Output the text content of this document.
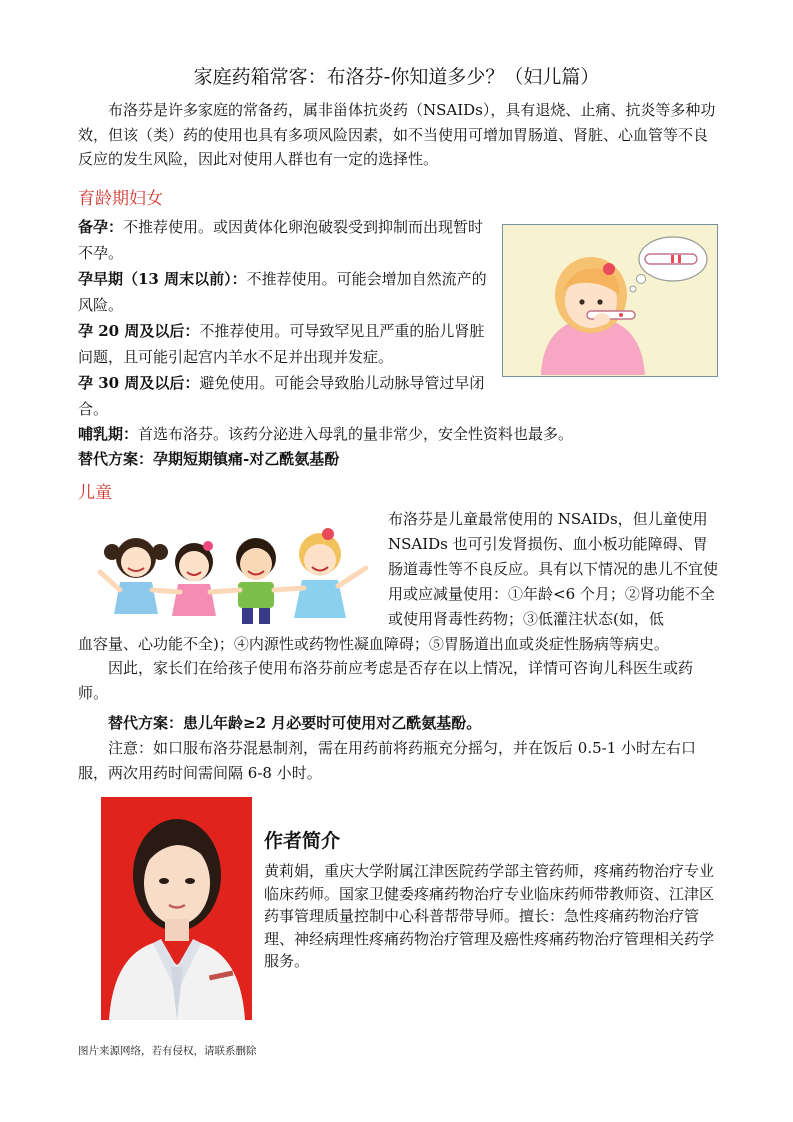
家庭药箱常客：布洛芬-你知道多少？（妇儿篇）

布洛芬是许多家庭的常备药，属非甾体抗炎药（NSAIDs），具有退烧、止痛、抗炎等多种功效，但该（类）药的使用也具有多项风险因素，如不当使用可增加胃肠道、肾脏、心血管等不良反应的发生风险，因此对使用人群也有一定的选择性。

育龄期妇女

备孕：不推荐使用。或因黄体化卵泡破裂受到抑制而出现暂时不孕。

孕早期（13 周末以前）：不推荐使用。可能会增加自然流产的风险。

孕 20 周及以后：不推荐使用。可导致罕见且严重的胎儿肾脏问题，且可能引起宫内羊水不足并出现并发症。

孕 30 周及以后：避免使用。可能会导致胎儿动脉导管过早闭合。

哺乳期：首选布洛芬。该药分泌进入母乳的量非常少，安全性资料也最多。

替代方案：孕期短期镇痛-对乙酰氨基酚

儿童

布洛芬是儿童最常使用的 NSAIDs，但儿童使用 NSAIDs 也可引发肾损伤、血小板功能障碍、胃肠道毒性等不良反应。具有以下情况的患儿不宜使用或应减量使用：①年龄<6 个月；②肾功能不全或使用肾毒性药物；③低灌注状态(如，低

血容量、心功能不全)；④内源性或药物性凝血障碍；⑤胃肠道出血或炎症性肠病等病史。

因此，家长们在给孩子使用布洛芬前应考虑是否存在以上情况，详情可咨询儿科医生或药师。

替代方案：患儿年龄≥2 月必要时可使用对乙酰氨基酚。

注意：如口服布洛芬混悬制剂，需在用药前将药瓶充分摇匀，并在饭后 0.5-1 小时左右口服，两次用药时间需间隔 6-8 小时。

作者简介

黄莉娟，重庆大学附属江津医院药学部主管药师，疼痛药物治疗专业临床药师。国家卫健委疼痛药物治疗专业临床药师带教师资、江津区药事管理质量控制中心科普帮带导师。擅长：急性疼痛药物治疗管理、神经病理性疼痛药物治疗管理及癌性疼痛药物治疗管理相关药学服务。

图片来源网络，若有侵权，请联系删除
